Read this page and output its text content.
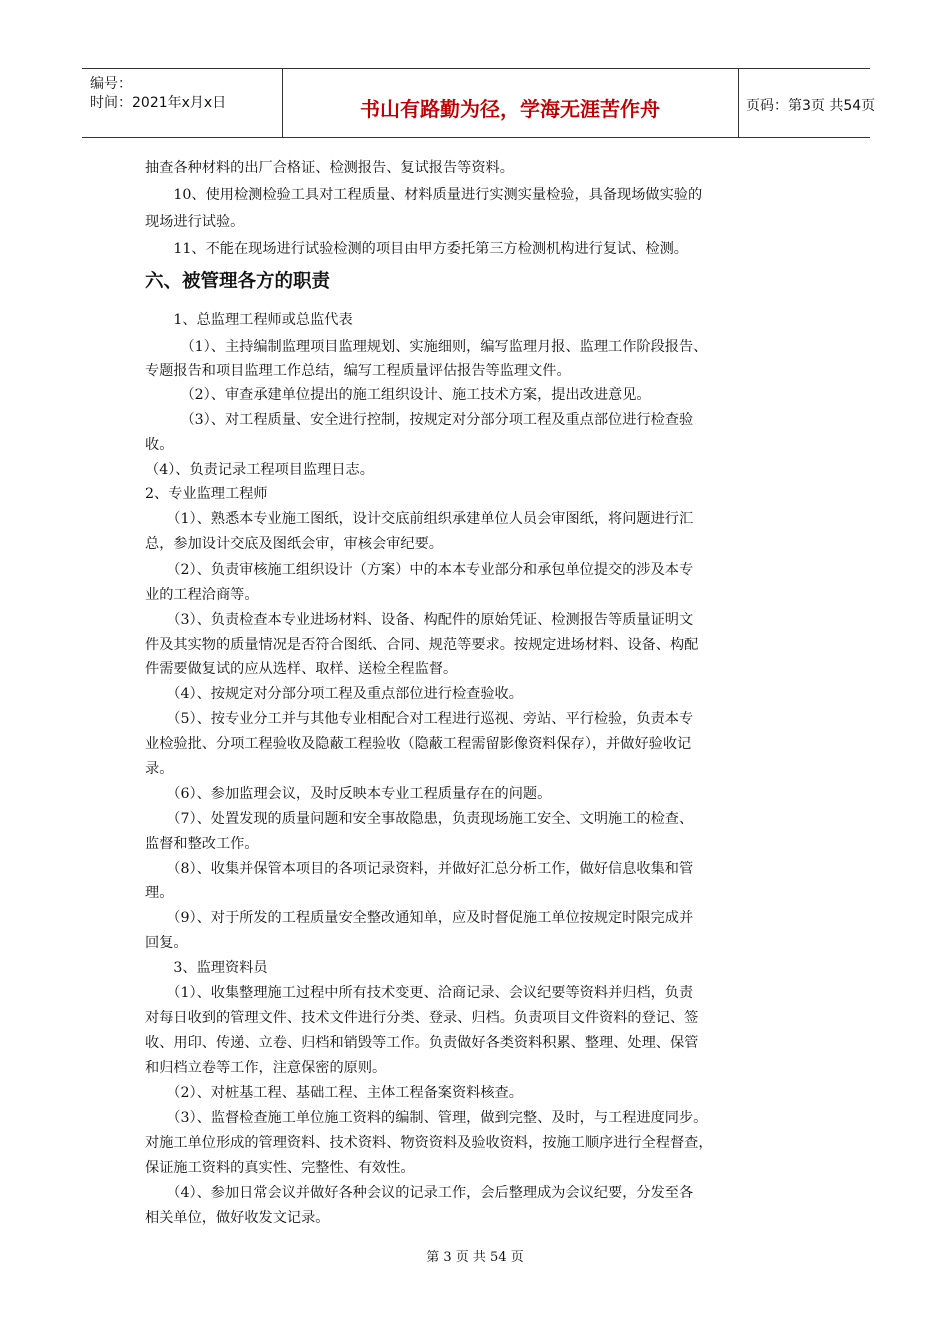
编号：
时间：2021年x月x日	书山有路勤为径，学海无涯苦作舟	页码：第3页 共54页
抽查各种材料的出厂合格证、检测报告、复试报告等资料。
　　10、使用检测检验工具对工程质量、材料质量进行实测实量检验，具备现场做实验的
现场进行试验。
　　11、不能在现场进行试验检测的项目由甲方委托第三方检测机构进行复试、检测。
六、被管理各方的职责
　　1、总监理工程师或总监代表
　　　（1）、主持编制监理项目监理规划、实施细则，编写监理月报、监理工作阶段报告、
专题报告和项目监理工作总结，编写工程质量评估报告等监理文件。
　　　（2）、审查承建单位提出的施工组织设计、施工技术方案，提出改进意见。
　　　（3）、对工程质量、安全进行控制，按规定对分部分项工程及重点部位进行检查验
收。
（4）、负责记录工程项目监理日志。
2、专业监理工程师
　　（1）、熟悉本专业施工图纸，设计交底前组织承建单位人员会审图纸，将问题进行汇
总，参加设计交底及图纸会审，审核会审纪要。
　　（2）、负责审核施工组织设计（方案）中的本本专业部分和承包单位提交的涉及本专
业的工程洽商等。
　　（3）、负责检查本专业进场材料、设备、构配件的原始凭证、检测报告等质量证明文
件及其实物的质量情况是否符合图纸、合同、规范等要求。按规定进场材料、设备、构配
件需要做复试的应从选样、取样、送检全程监督。
　　（4）、按规定对分部分项工程及重点部位进行检查验收。
　　（5）、按专业分工并与其他专业相配合对工程进行巡视、旁站、平行检验，负责本专
业检验批、分项工程验收及隐蔽工程验收（隐蔽工程需留影像资料保存），并做好验收记
录。
　　（6）、参加监理会议，及时反映本专业工程质量存在的问题。
　　（7）、处置发现的质量问题和安全事故隐患，负责现场施工安全、文明施工的检查、
监督和整改工作。
　　（8）、收集并保管本项目的各项记录资料，并做好汇总分析工作，做好信息收集和管
理。
　　（9）、对于所发的工程质量安全整改通知单，应及时督促施工单位按规定时限完成并
回复。
　　3、监理资料员
　　（1）、收集整理施工过程中所有技术变更、洽商记录、会议纪要等资料并归档，负责
对每日收到的管理文件、技术文件进行分类、登录、归档。负责项目文件资料的登记、签
收、用印、传递、立卷、归档和销毁等工作。负责做好各类资料积累、整理、处理、保管
和归档立卷等工作，注意保密的原则。
　　（2）、对桩基工程、基础工程、主体工程备案资料核查。
　　（3）、监督检查施工单位施工资料的编制、管理，做到完整、及时，与工程进度同步。
对施工单位形成的管理资料、技术资料、物资资料及验收资料，按施工顺序进行全程督查，
保证施工资料的真实性、完整性、有效性。
　　（4）、参加日常会议并做好各种会议的记录工作，会后整理成为会议纪要，分发至各
相关单位，做好收发文记录。
第 3 页 共 54 页
